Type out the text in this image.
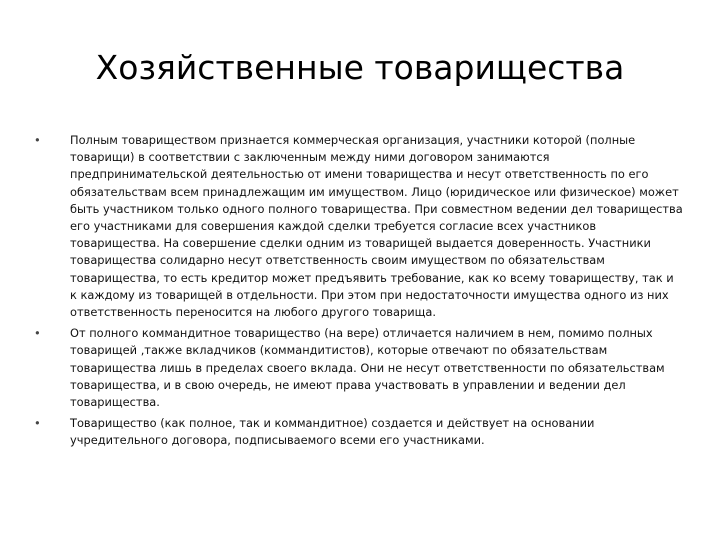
Хозяйственные товарищества
•	Полным товариществом признается коммерческая организация, участники которой (полные товарищи) в соответствии с заключенным между ними договором занимаются предпринимательской деятельностью от имени товарищества и несут ответственность по его обязательствам всем принадлежащим им имуществом. Лицо (юридическое или физическое) может быть участником только одного полного товарищества. При совместном ведении дел товарищества его участниками для совершения каждой сделки требуется согласие всех участников товарищества. На совершение сделки одним из товарищей выдается доверенность. Участники товарищества солидарно несут ответственность своим имуществом по обязательствам товарищества, то есть кредитор может предъявить требование, как ко всему товариществу, так и к каждому из товарищей в отдельности. При этом при недостаточности имущества одного из них ответственность переносится на любого другого товарища.
•	От полного коммандитное товарищество (на вере) отличается наличием в нем, помимо полных товарищей ,также вкладчиков (коммандитистов), которые отвечают по обязательствам товарищества лишь в пределах своего вклада. Они не несут ответственности по обязательствам товарищества, и в свою очередь, не имеют права участвовать в управлении и ведении дел товарищества.
•	Товарищество (как полное, так и коммандитное) создается и действует на основании учредительного договора, подписываемого всеми его участниками.
